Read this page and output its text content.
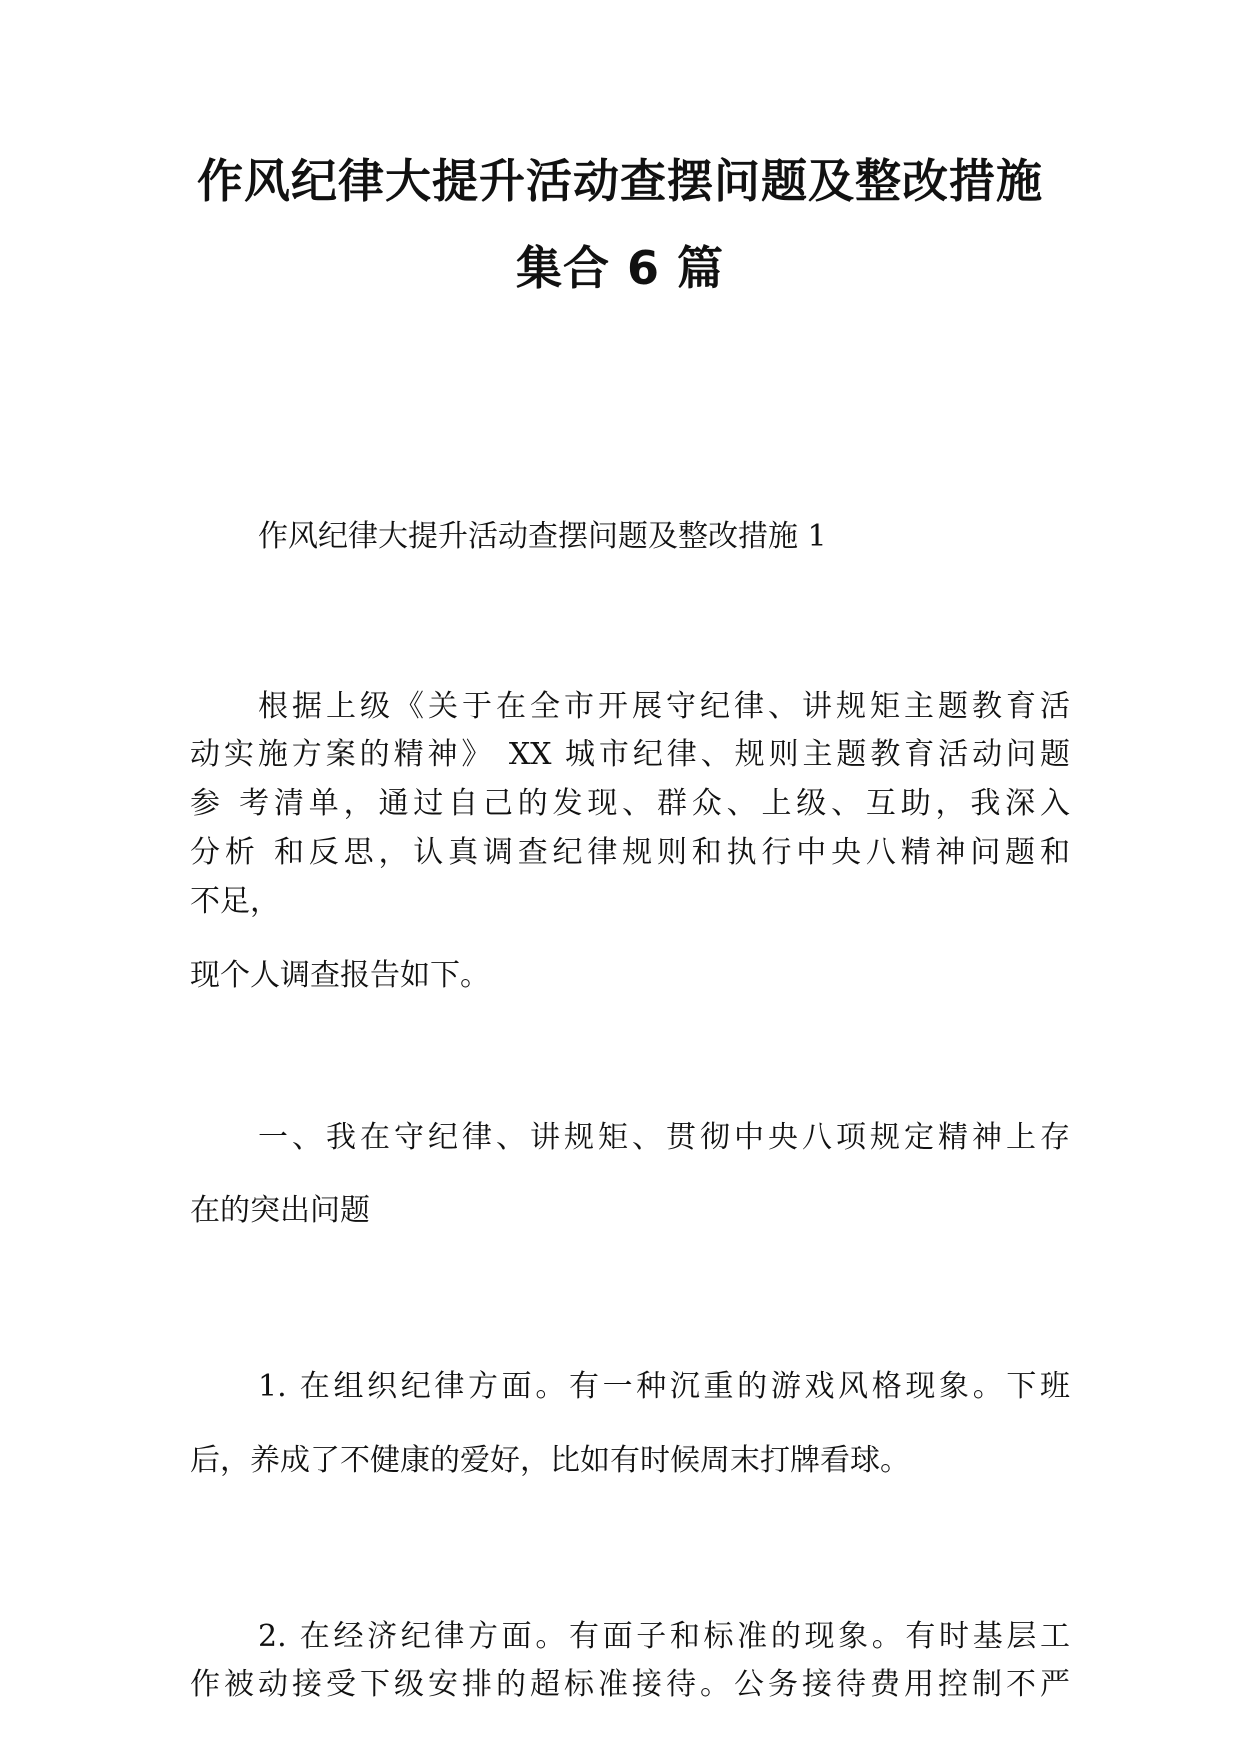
作风纪律大提升活动查摆问题及整改措施
集合 6 篇
作风纪律大提升活动查摆问题及整改措施 1
根据上级《关于在全市开展守纪律、讲规矩主题教育活
动实施方案的精神》 XX 城市纪律、规则主题教育活动问题
参 考清单，通过自己的发现、群众、上级、互助，我深入
分析 和反思，认真调查纪律规则和执行中央八精神问题和
不足，
现个人调查报告如下。
一、我在守纪律、讲规矩、贯彻中央八项规定精神上存
在的突出问题
1. 在组织纪律方面。有一种沉重的游戏风格现象。下班
后，养成了不健康的爱好，比如有时候周末打牌看球。
2. 在经济纪律方面。有面子和标准的现象。有时基层工
作被动接受下级安排的超标准接待。公务接待费用控制不严
